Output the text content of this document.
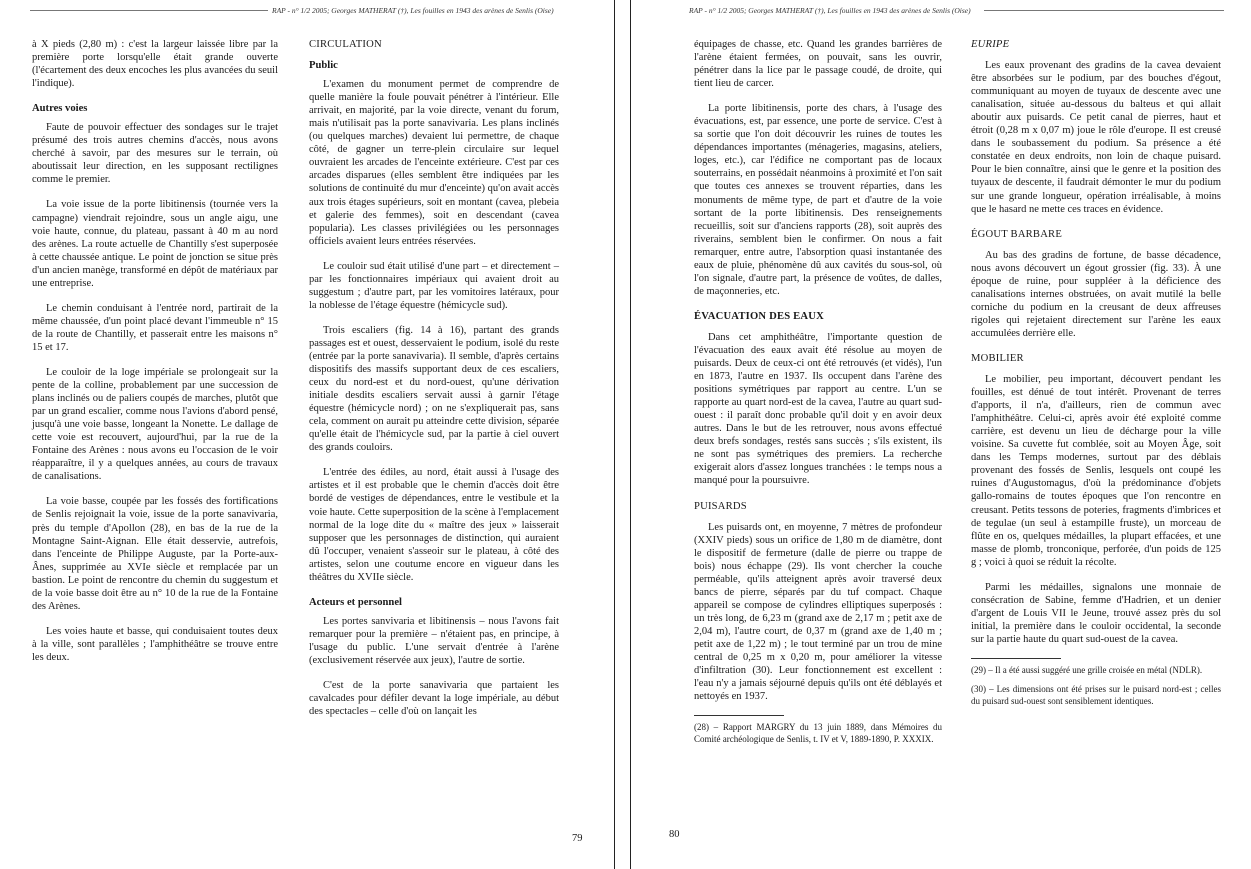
RAP - n° 1/2 2005; Georges MATHERAT (†), Les fouilles en 1943 des arènes de Senlis (Oise)

à X pieds (2,80 m) : c'est la largeur laissée libre par la première porte lorsqu'elle était grande ouverte (l'écartement des deux encoches les plus avancées du seuil l'indique).

Autres voies

Faute de pouvoir effectuer des sondages sur le trajet présumé des trois autres chemins d'accès, nous avons cherché à savoir, par des mesures sur le terrain, où aboutissait leur direction, en les supposant rectilignes comme le premier.

La voie issue de la porte libitinensis (tournée vers la campagne) viendrait rejoindre, sous un angle aigu, une voie haute, connue, du plateau, passant à 40 m au nord des arènes. La route actuelle de Chantilly s'est superposée à cette chaussée antique. Le point de jonction se situe près d'un ancien manège, transformé en dépôt de matériaux par une entreprise.

Le chemin conduisant à l'entrée nord, partirait de la même chaussée, d'un point placé devant l'immeuble n° 15 de la route de Chantilly, et passerait entre les maisons n° 15 et 17.

Le couloir de la loge impériale se prolongeait sur la pente de la colline, probablement par une succession de plans inclinés ou de paliers coupés de marches, plutôt que par un grand escalier, comme nous l'avions d'abord pensé, jusqu'à une voie basse, longeant la Nonette. Le dallage de cette voie est recouvert, aujourd'hui, par la rue de la Fontaine des Arènes : nous avons eu l'occasion de le voir réapparaître, il y a quelques années, au cours de travaux de canalisations.

La voie basse, coupée par les fossés des fortifications de Senlis rejoignait la voie, issue de la porte sanavivaria, près du temple d'Apollon (28), en bas de la rue de la Montagne Saint-Aignan. Elle était desservie, autrefois, dans l'enceinte de Philippe Auguste, par la Porte-aux-Ânes, supprimée au XVIe siècle et remplacée par un bastion. Le point de rencontre du chemin du suggestum et de la voie basse doit être au n° 10 de la rue de la Fontaine des Arènes.

Les voies haute et basse, qui conduisaient toutes deux à la ville, sont parallèles ; l'amphithéâtre se trouve entre les deux.

CIRCULATION
Public

L'examen du monument permet de comprendre de quelle manière la foule pouvait pénétrer à l'intérieur. Elle arrivait, en majorité, par la voie directe, venant du forum, mais n'utilisait pas la porte sanavivaria. Les plans inclinés (ou quelques marches) devaient lui permettre, de chaque côté, de gagner un terre-plein circulaire sur lequel ouvraient les arcades de l'enceinte extérieure. C'est par ces arcades disparues (elles semblent être indiquées par les solutions de continuité du mur d'enceinte) qu'on avait accès aux trois étages supérieurs, soit en montant (cavea, plebeia et galerie des femmes), soit en descendant (cavea popularia). Les classes privilégiées ou les personnages officiels avaient leurs entrées réservées.

Le couloir sud était utilisé d'une part – et directement – par les fonctionnaires impériaux qui avaient droit au suggestum ; d'autre part, par les vomitoires latéraux, pour la noblesse de l'étage équestre (hémicycle sud).

Trois escaliers (fig. 14 à 16), partant des grands passages est et ouest, desservaient le podium, isolé du reste (entrée par la porte sanavivaria). Il semble, d'après certains dispositifs des massifs supportant deux de ces escaliers, ceux du nord-est et du nord-ouest, qu'une dérivation initiale desdits escaliers servait aussi à garnir l'étage équestre (hémicycle nord) ; on ne s'expliquerait pas, sans cela, comment on aurait pu atteindre cette division, séparée qu'elle était de l'hémicycle sud, par la partie à ciel ouvert des grands couloirs.

L'entrée des édiles, au nord, était aussi à l'usage des artistes et il est probable que le chemin d'accès doit être bordé de vestiges de dépendances, entre le vestibule et la voie haute. Cette superposition de la scène à l'emplacement normal de la loge dite du « maître des jeux » laisserait supposer que les personnages de distinction, qui auraient dû l'occuper, venaient s'asseoir sur le plateau, à côté des artistes, selon une coutume encore en vigueur dans les théâtres du XVIIe siècle.

Acteurs et personnel

Les portes sanvivaria et libitinensis – nous l'avons fait remarquer pour la première – n'étaient pas, en principe, à l'usage du public. L'une servait d'entrée à l'arène (exclusivement réservée aux jeux), l'autre de sortie.

C'est de la porte sanavivaria que partaient les cavalcades pour défiler devant la loge impériale, au début des spectacles – celle d'où on lançait les

79
RAP - n° 1/2 2005; Georges MATHERAT (†), Les fouilles en 1943 des arènes de Senlis (Oise)

équipages de chasse, etc. Quand les grandes barrières de l'arène étaient fermées, on pouvait, sans les ouvrir, pénétrer dans la lice par le passage coudé, de droite, qui tient lieu de carcer.

La porte libitinensis, porte des chars, à l'usage des évacuations, est, par essence, une porte de service. C'est à sa sortie que l'on doit découvrir les ruines de toutes les dépendances importantes (ménageries, magasins, ateliers, loges, etc.), car l'édifice ne comportant pas de locaux souterrains, en possédait néanmoins à proximité et l'on sait que toutes ces annexes se trouvent réparties, dans les monuments de même type, de part et d'autre de la voie sortant de la porte libitinensis. Des renseignements recueillis, soit sur d'anciens rapports (28), soit auprès des riverains, semblent bien le confirmer. On nous a fait remarquer, entre autre, l'absorption quasi instantanée des eaux de pluie, phénomène dû aux cavités du sous-sol, où l'on signale, d'autre part, la présence de voûtes, de dalles, de maçonneries, etc.

ÉVACUATION DES EAUX

Dans cet amphithéâtre, l'importante question de l'évacuation des eaux avait été résolue au moyen de puisards. Deux de ceux-ci ont été retrouvés (et vidés), l'un en 1873, l'autre en 1937. Ils occupent dans l'arène des positions symétriques par rapport au centre. L'un se rapporte au quart nord-est de la cavea, l'autre au quart sud-ouest : il paraît donc probable qu'il doit y en avoir deux autres. Dans le but de les retrouver, nous avons effectué deux brefs sondages, restés sans succès ; s'ils existent, ils ne sont pas symétriques des premiers. La recherche exigerait alors d'assez longues tranchées : le temps nous a manqué pour la poursuivre.

PUISARDS

Les puisards ont, en moyenne, 7 mètres de profondeur (XXIV pieds) sous un orifice de 1,80 m de diamètre, dont le dispositif de fermeture (dalle de pierre ou trappe de bois) nous échappe (29). Ils vont chercher la couche perméable, qu'ils atteignent après avoir traversé deux bancs de pierre, séparés par du tuf compact. Chaque appareil se compose de cylindres elliptiques superposés : un très long, de 6,23 m (grand axe de 2,17 m ; petit axe de 2,04 m), l'autre court, de 0,37 m (grand axe de 1,40 m ; petit axe de 1,22 m) ; le tout terminé par un trou de mine central de 0,25 m x 0,20 m, pour améliorer la vitesse d'infiltration (30). Leur fonctionnement est excellent : l'eau n'y a jamais séjourné depuis qu'ils ont été déblayés et nettoyés en 1937.

(28) – Rapport MARGRY du 13 juin 1889, dans Mémoires du Comité archéologique de Senlis, t. IV et V, 1889-1890, P. XXXIX.
EURIPE

Les eaux provenant des gradins de la cavea devaient être absorbées sur le podium, par des bouches d'égout, communiquant au moyen de tuyaux de descente avec une canalisation, située au-dessous du balteus et qui allait aboutir aux puisards. Ce petit canal de pierres, haut et étroit (0,28 m x 0,07 m) joue le rôle d'europe. Il est creusé dans le soubassement du podium. Sa présence a été constatée en deux endroits, non loin de chaque puisard. Pour le bien connaître, ainsi que le genre et la position des tuyaux de descente, il faudrait démonter le mur du podium sur une grande longueur, opération irréalisable, à moins que le hasard ne mette ces traces en évidence.

ÉGOUT BARBARE

Au bas des gradins de fortune, de basse décadence, nous avons découvert un égout grossier (fig. 33). À une époque de ruine, pour suppléer à la déficience des canalisations internes obstruées, on avait mutilé la belle corniche du podium en la creusant de deux affreuses rigoles qui rejetaient directement sur l'arène les eaux accumulées derrière elle.

MOBILIER

Le mobilier, peu important, découvert pendant les fouilles, est dénué de tout intérêt. Provenant de terres d'apports, il n'a, d'ailleurs, rien de commun avec l'amphithéâtre. Celui-ci, après avoir été exploité comme carrière, est devenu un lieu de décharge pour la ville voisine. Sa cuvette fut comblée, soit au Moyen Âge, soit dans les Temps modernes, surtout par des déblais provenant des fossés de Senlis, lesquels ont coupé les ruines d'Augustomagus, d'où la prédominance d'objets gallo-romains de toutes époques que l'on rencontre en creusant. Petits tessons de poteries, fragments d'imbrices et de tegulae (un seul à estampille fruste), un morceau de flûte en os, quelques médailles, la plupart effacées, et une masse de plomb, tronconique, perforée, d'un poids de 125 g ; voici à quoi se réduit la récolte.

Parmi les médailles, signalons une monnaie de consécration de Sabine, femme d'Hadrien, et un denier d'argent de Louis VII le Jeune, trouvé assez près du sol initial, la première dans le couloir occidental, la seconde sur la partie haute du quart sud-ouest de la cavea.

(29) – Il a été aussi suggéré une grille croisée en métal (NDLR).
(30) – Les dimensions ont été prises sur le puisard nord-est ; celles du puisard sud-ouest sont sensiblement identiques.
80
